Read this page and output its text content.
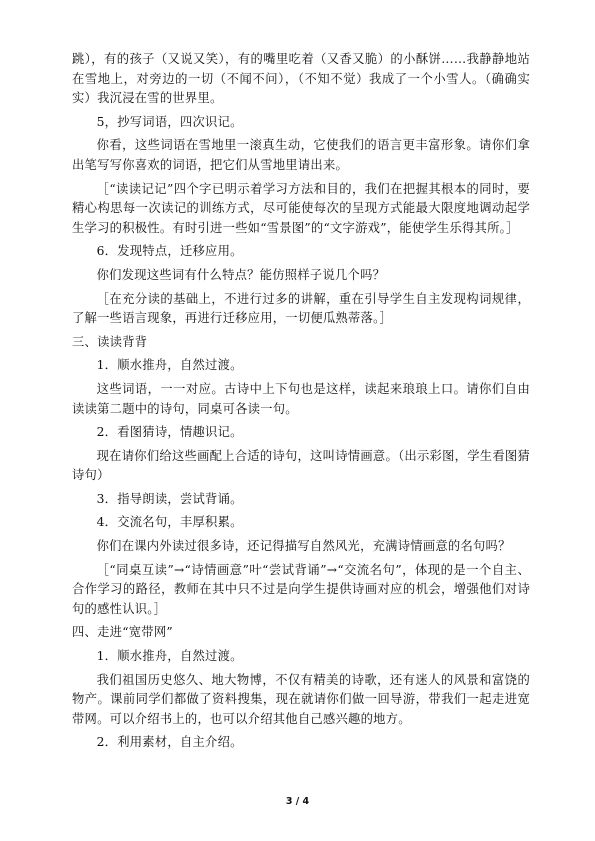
跳），有的孩子（又说又笑），有的嘴里吃着（又香又脆）的小酥饼……我静静地站在雪地上，对旁边的一切（不闻不问），（不知不觉）我成了一个小雪人。（确确实实）我沉浸在雪的世界里。

5，抄写词语，四次识记。

你看，这些词语在雪地里一滚真生动，它使我们的语言更丰富形象。请你们拿出笔写写你喜欢的词语，把它们从雪地里请出来。

［“读读记记”四个字已明示着学习方法和目的，我们在把握其根本的同时，要精心构思每一次读记的训练方式，尽可能使每次的呈现方式能最大限度地调动起学生学习的积极性。有时引进一些如“雪景图”的“文字游戏”，能使学生乐得其所。］

6．发现特点，迁移应用。

你们发现这些词有什么特点？能仿照样子说几个吗？

［在充分读的基础上，不进行过多的讲解，重在引导学生自主发现构词规律，了解一些语言现象，再进行迁移应用，一切便瓜熟蒂落。］

三、读读背背

1．顺水推舟，自然过渡。

这些词语，一一对应。古诗中上下句也是这样，读起来琅琅上口。请你们自由读读第二题中的诗句，同桌可各读一句。

2．看图猜诗，情趣识记。

现在请你们给这些画配上合适的诗句，这叫诗情画意。（出示彩图，学生看图猜诗句）

3．指导朗读，尝试背诵。

4．交流名句，丰厚积累。

你们在课内外读过很多诗，还记得描写自然风光，充满诗情画意的名句吗？

［“同桌互读”→“诗情画意”叶“尝试背诵”→“交流名句”，体现的是一个自主、合作学习的路径，教师在其中只不过是向学生提供诗画对应的机会，增强他们对诗句的感性认识。］

四、走进“宽带网”

1．顺水推舟，自然过渡。

我们祖国历史悠久、地大物博，不仅有精美的诗歌，还有迷人的风景和富饶的物产。课前同学们都做了资料搜集，现在就请你们做一回导游，带我们一起走进宽带网。可以介绍书上的，也可以介绍其他自己感兴趣的地方。

2．利用素材，自主介绍。

3 / 4
